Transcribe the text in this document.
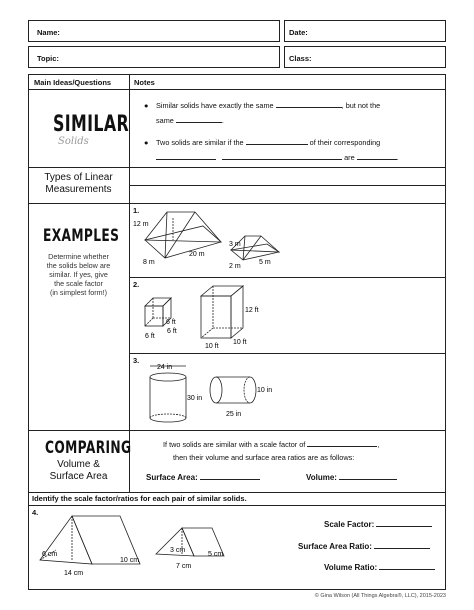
Name:	Date:
Topic:	Class:
Main Ideas/Questions	Notes
SIMILAR
Solids
● Similar solids have exactly the same	, but not the
same	.
● Two solids are similar if the	of their corresponding
are	.
Types of Linear
Measurements
EXAMPLES
Determine whether
the solids below are
similar. If yes, give
the scale factor
(in simplest form!)
1.
12 m
20 m
8 m
3 m
5 m
2 m
2.
6 ft
6 ft
6 ft
12 ft
10 ft
10 ft
3.
24 in
30 in
10 in
25 in
COMPARING
Volume &
Surface Area
If two solids are similar with a scale factor of	,
then their volume and surface area ratios are as follows:
Surface Area:	Volume:
Identify the scale factor/ratios for each pair of similar solids.
4.
6 cm
14 cm
10 cm
3 cm
7 cm
5 cm
Scale Factor:
Surface Area Ratio:
Volume Ratio:
© Gina Wilson (All Things Algebra®, LLC), 2015-2023
